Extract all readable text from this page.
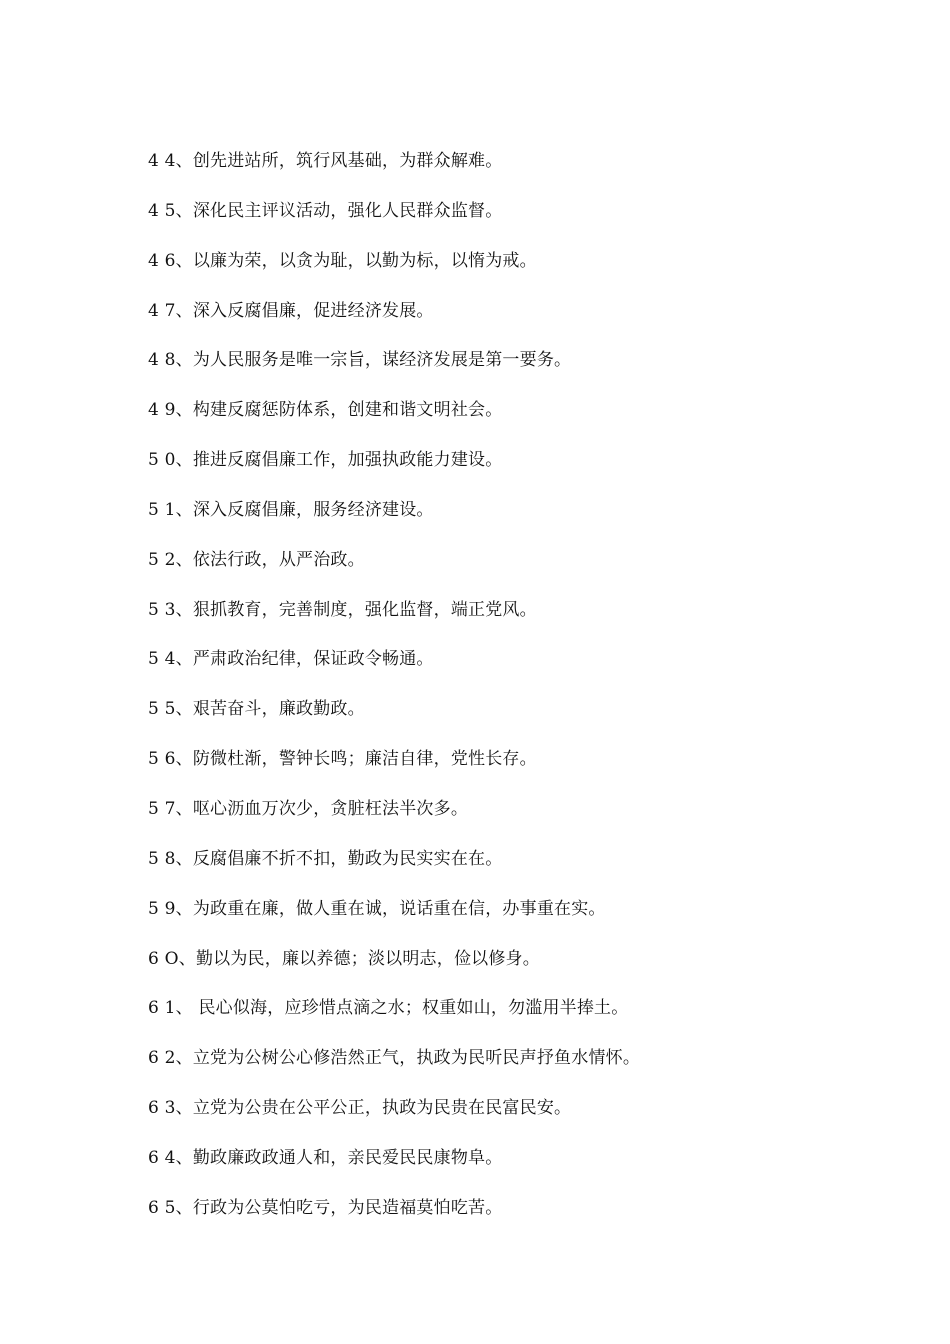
4 4、创先进站所，筑行风基础，为群众解难。
4 5、深化民主评议活动，强化人民群众监督。
4 6、以廉为荣，以贪为耻，以勤为标，以惰为戒。
4 7、深入反腐倡廉，促进经济发展。
4 8、为人民服务是唯一宗旨，谋经济发展是第一要务。
4 9、构建反腐惩防体系，创建和谐文明社会。
5 0、推进反腐倡廉工作，加强执政能力建设。
5 1、深入反腐倡廉，服务经济建设。
5 2、依法行政，从严治政。
5 3、狠抓教育，完善制度，强化监督，端正党风。
5 4、严肃政治纪律，保证政令畅通。
5 5、艰苦奋斗，廉政勤政。
5 6、防微杜渐，警钟长鸣；廉洁自律，党性长存。
5 7、呕心沥血万次少，贪脏枉法半次多。
5 8、反腐倡廉不折不扣，勤政为民实实在在。
5 9、为政重在廉，做人重在诚，说话重在信，办事重在实。
6 O、勤以为民，廉以养德；淡以明志，俭以修身。
6 1、 民心似海，应珍惜点滴之水；权重如山，勿滥用半捧土。
6 2、立党为公树公心修浩然正气，执政为民听民声抒鱼水情怀。
6 3、立党为公贵在公平公正，执政为民贵在民富民安。
6 4、勤政廉政政通人和，亲民爱民民康物阜。
6 5、行政为公莫怕吃亏，为民造福莫怕吃苦。
